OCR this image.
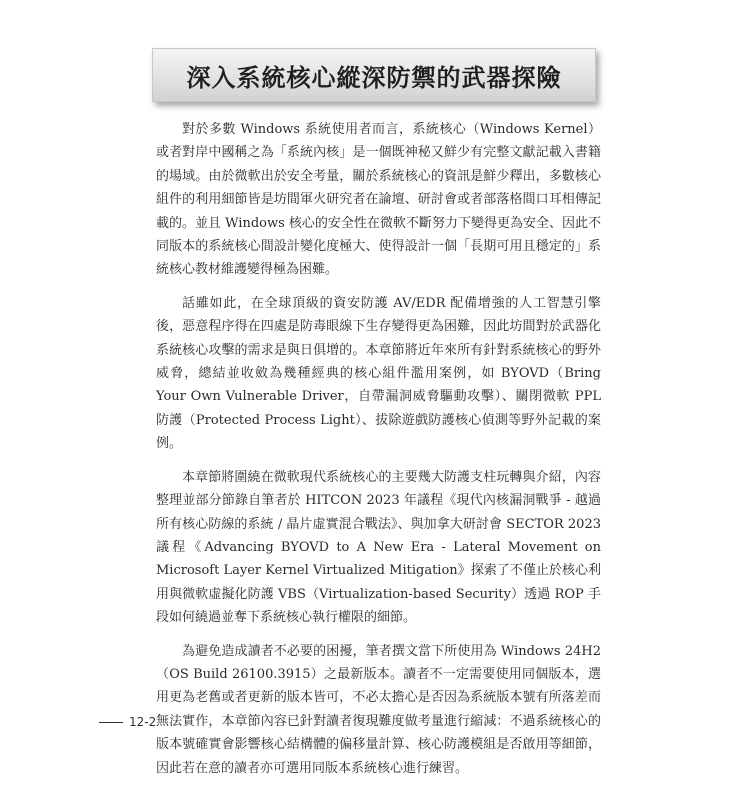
深入系統核心縱深防禦的武器探險

對於多數 Windows 系統使用者而言，系統核心（Windows Kernel）或者對岸中國稱之為「系統內核」是一個既神秘又鮮少有完整文獻記載入書籍的場域。由於微軟出於安全考量，關於系統核心的資訊是鮮少釋出，多數核心組件的利用細節皆是坊間軍火研究者在論壇、研討會或者部落格間口耳相傳記載的。並且 Windows 核心的安全性在微軟不斷努力下變得更為安全、因此不同版本的系統核心間設計變化度極大、使得設計一個「長期可用且穩定的」系統核心教材維護變得極為困難。

話雖如此，在全球頂級的資安防護 AV/EDR 配備增強的人工智慧引擎後，惡意程序得在四處是防毒眼線下生存變得更為困難，因此坊間對於武器化系統核心攻擊的需求是與日俱增的。本章節將近年來所有針對系統核心的野外威脅，總結並收斂為幾種經典的核心組件濫用案例，如 BYOVD（Bring Your Own Vulnerable Driver，自帶漏洞威脅驅動攻擊）、關閉微軟 PPL 防護（Protected Process Light）、拔除遊戲防護核心偵測等野外記載的案例。

本章節將圍繞在微軟現代系統核心的主要幾大防護支柱玩轉與介紹，內容整理並部分節錄自筆者於 HITCON 2023 年議程《現代內核漏洞戰爭 - 越過所有核心防線的系統 / 晶片虛實混合戰法》、與加拿大研討會 SECTOR 2023 議程《Advancing BYOVD to A New Era - Lateral Movement on Microsoft Layer Kernel Virtualized Mitigation》探索了不僅止於核心利用與微軟虛擬化防護 VBS（Virtualization-based Security）透過 ROP 手段如何繞過並奪下系統核心執行權限的細節。

為避免造成讀者不必要的困擾，筆者撰文當下所使用為 Windows 24H2（OS Build 26100.3915）之最新版本。讀者不一定需要使用同個版本，選用更為老舊或者更新的版本皆可，不必太擔心是否因為系統版本號有所落差而無法實作，本章節內容已針對讀者復現難度做考量進行縮減：不過系統核心的版本號確實會影響核心結構體的偏移量計算、核心防護模組是否啟用等細節，因此若在意的讀者亦可選用同版本系統核心進行練習。

12-2
